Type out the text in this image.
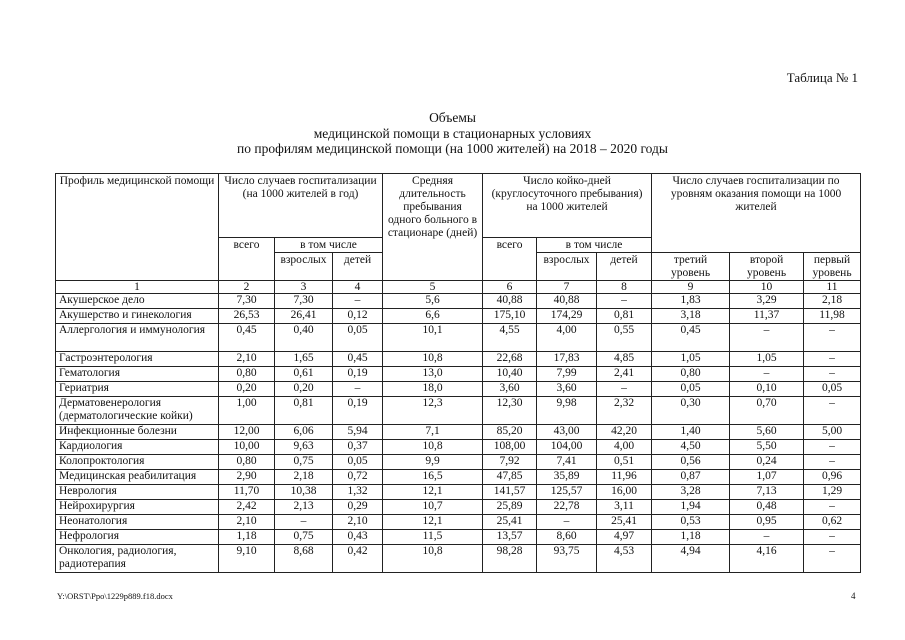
Таблица № 1
Объемы
медицинской помощи в стационарных условиях
по профилям медицинской помощи (на 1000 жителей) на 2018 – 2020 годы
Профиль медицинской помощи	Число случаев госпитализации (на 1000 жителей в год)			Средняя длительность пребывания одного больного в стационаре (дней)	Число койко-дней (круглосуточного пребывания) на 1000 жителей			Число случаев госпитализации по уровням оказания помощи на 1000 жителей		
	всего	в том числе			всего	в том числе				
		взрослых	детей			взрослых	детей	третий уровень	второй уровень	первый уровень
1	2	3	4	5	6	7	8	9	10	11
Акушерское дело	7,30	7,30	–	5,6	40,88	40,88	–	1,83	3,29	2,18
Акушерство и гинекология	26,53	26,41	0,12	6,6	175,10	174,29	0,81	3,18	11,37	11,98
Аллергология и иммунология	0,45	0,40	0,05	10,1	4,55	4,00	0,55	0,45	–	–
Гастроэнтерология	2,10	1,65	0,45	10,8	22,68	17,83	4,85	1,05	1,05	–
Гематология	0,80	0,61	0,19	13,0	10,40	7,99	2,41	0,80	–	–
Гериатрия	0,20	0,20	–	18,0	3,60	3,60	–	0,05	0,10	0,05
Дерматовенерология (дерматологические койки)	1,00	0,81	0,19	12,3	12,30	9,98	2,32	0,30	0,70	–
Инфекционные болезни	12,00	6,06	5,94	7,1	85,20	43,00	42,20	1,40	5,60	5,00
Кардиология	10,00	9,63	0,37	10,8	108,00	104,00	4,00	4,50	5,50	–
Колопроктология	0,80	0,75	0,05	9,9	7,92	7,41	0,51	0,56	0,24	–
Медицинская реабилитация	2,90	2,18	0,72	16,5	47,85	35,89	11,96	0,87	1,07	0,96
Неврология	11,70	10,38	1,32	12,1	141,57	125,57	16,00	3,28	7,13	1,29
Нейрохирургия	2,42	2,13	0,29	10,7	25,89	22,78	3,11	1,94	0,48	–
Неонатология	2,10	–	2,10	12,1	25,41	–	25,41	0,53	0,95	0,62
Нефрология	1,18	0,75	0,43	11,5	13,57	8,60	4,97	1,18	–	–
Онкология, радиология, радиотерапия	9,10	8,68	0,42	10,8	98,28	93,75	4,53	4,94	4,16	–
Y:\ORST\Ppo\1229p889.f18.docx	4
